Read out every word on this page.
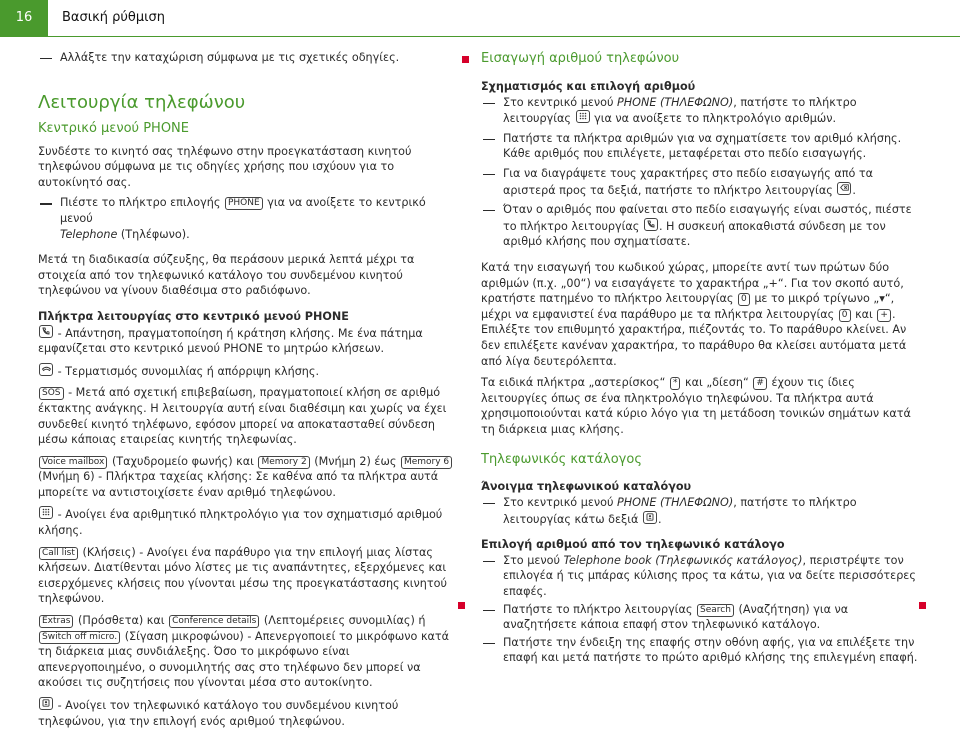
16	Βασική ρύθμιση

Αλλάξτε την καταχώριση σύμφωνα με τις σχετικές οδηγίες.

Λειτουργία τηλεφώνου

Κεντρικό μενού PHONE

Συνδέστε το κινητό σας τηλέφωνο στην προεγκατάσταση κινητού τηλεφώνου σύμφωνα με τις οδηγίες χρήσης που ισχύουν για το αυτοκίνητό σας.

Πιέστε το πλήκτρο επιλογής PHONE για να ανοίξετε το κεντρικό μενού
Telephone (Τηλέφωνο).

Μετά τη διαδικασία σύζευξης, θα περάσουν μερικά λεπτά μέχρι τα στοιχεία από τον τηλεφωνικό κατάλογο του συνδεμένου κινητού τηλεφώνου να γίνουν διαθέσιμα στο ραδιόφωνο.

Πλήκτρα λειτουργίας στο κεντρικό μενού PHONE

- Απάντηση, πραγματοποίηση ή κράτηση κλήσης. Με ένα πάτημα εμφανίζεται στο κεντρικό μενού PHONE το μητρώο κλήσεων.

- Τερματισμός συνομιλίας ή απόρριψη κλήσης.

SOS - Μετά από σχετική επιβεβαίωση, πραγματοποιεί κλήση σε αριθμό έκτακτης ανάγκης. Η λειτουργία αυτή είναι διαθέσιμη και χωρίς να έχει συνδεθεί κινητό τηλέφωνο, εφόσον μπορεί να αποκατασταθεί σύνδεση μέσω κάποιας εταιρείας κινητής τηλεφωνίας.

Voice mailbox (Ταχυδρομείο φωνής) και Memory 2 (Μνήμη 2) έως Memory 6 (Μνήμη 6) - Πλήκτρα ταχείας κλήσης: Σε καθένα από τα πλήκτρα αυτά μπορείτε να αντιστοιχίσετε έναν αριθμό τηλεφώνου.

- Ανοίγει ένα αριθμητικό πληκτρολόγιο για τον σχηματισμό αριθμού κλήσης.

Call list (Κλήσεις) - Ανοίγει ένα παράθυρο για την επιλογή μιας λίστας κλήσεων. Διατίθενται μόνο λίστες με τις αναπάντητες, εξερχόμενες και εισερχόμενες κλήσεις που γίνονται μέσω της προεγκατάστασης κινητού τηλεφώνου.

Extras (Πρόσθετα) και Conference details (Λεπτομέρειες συνομιλίας) ή Switch off micro. (Σίγαση μικροφώνου) - Απενεργοποιεί το μικρόφωνο κατά τη διάρκεια μιας συνδιάλεξης. Όσο το μικρόφωνο είναι απενεργοποιημένο, ο συνομιλητής σας στο τηλέφωνο δεν μπορεί να ακούσει τις συζητήσεις που γίνονται μέσα στο αυτοκίνητο.

- Ανοίγει τον τηλεφωνικό κατάλογο του συνδεμένου κινητού τηλεφώνου, για την επιλογή ενός αριθμού τηλεφώνου.

Εισαγωγή αριθμού τηλεφώνου

Σχηματισμός και επιλογή αριθμού

Στο κεντρικό μενού PHONE (ΤΗΛΕΦΩΝΟ), πατήστε το πλήκτρο λειτουργίας για να ανοίξετε το πληκτρολόγιο αριθμών.

Πατήστε τα πλήκτρα αριθμών για να σχηματίσετε τον αριθμό κλήσης. Κάθε αριθμός που επιλέγετε, μεταφέρεται στο πεδίο εισαγωγής.

Για να διαγράψετε τους χαρακτήρες στο πεδίο εισαγωγής από τα αριστερά προς τα δεξιά, πατήστε το πλήκτρο λειτουργίας .

Όταν ο αριθμός που φαίνεται στο πεδίο εισαγωγής είναι σωστός, πιέστε το πλήκτρο λειτουργίας . Η συσκευή αποκαθιστά σύνδεση με τον αριθμό κλήσης που σχηματίσατε.

Κατά την εισαγωγή του κωδικού χώρας, μπορείτε αντί των πρώτων δύο αριθμών (π.χ. „00“) να εισαγάγετε το χαρακτήρα „+“. Για τον σκοπό αυτό, κρατήστε πατημένο το πλήκτρο λειτουργίας 0 με το μικρό τρίγωνο „▾“, μέχρι να εμφανιστεί ένα παράθυρο με τα πλήκτρα λειτουργίας 0 και + . Επιλέξτε τον επιθυμητό χαρακτήρα, πιέζοντάς το. Το παράθυρο κλείνει. Αν δεν επιλέξετε κανέναν χαρακτήρα, το παράθυρο θα κλείσει αυτόματα μετά από λίγα δευτερόλεπτα.

Τα ειδικά πλήκτρα „αστερίσκος“ * και „δίεση“ # έχουν τις ίδιες λειτουργίες όπως σε ένα πληκτρολόγιο τηλεφώνου. Τα πλήκτρα αυτά χρησιμοποιούνται κατά κύριο λόγο για τη μετάδοση τονικών σημάτων κατά τη διάρκεια μιας κλήσης.

Τηλεφωνικός κατάλογος

Άνοιγμα τηλεφωνικού καταλόγου

Στο κεντρικό μενού PHONE (ΤΗΛΕΦΩΝΟ), πατήστε το πλήκτρο λειτουργίας κάτω δεξιά .

Επιλογή αριθμού από τον τηλεφωνικό κατάλογο

Στο μενού Telephone book (Τηλεφωνικός κατάλογος), περιστρέψτε τον επιλογέα ή τις μπάρας κύλισης προς τα κάτω, για να δείτε περισσότερες επαφές.

Πατήστε το πλήκτρο λειτουργίας Search (Αναζήτηση) για να αναζητήσετε κάποια επαφή στον τηλεφωνικό κατάλογο.

Πατήστε την ένδειξη της επαφής στην οθόνη αφής, για να επιλέξετε την επαφή και μετά πατήστε το πρώτο αριθμό κλήσης της επιλεγμένη επαφή.
